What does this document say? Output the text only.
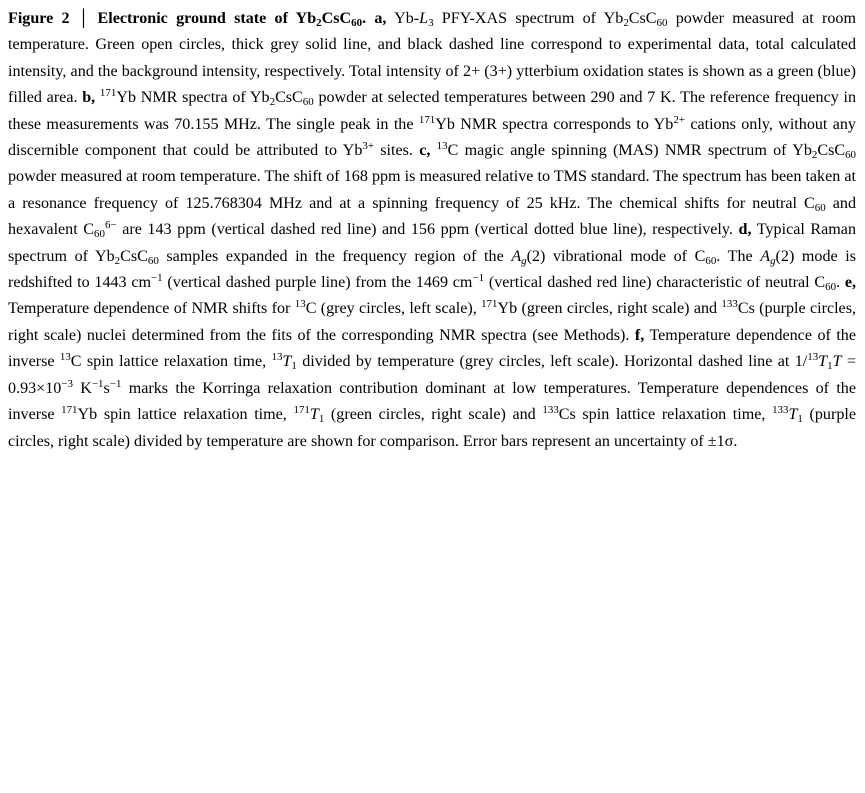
Figure 2 │ Electronic ground state of $Yb_2CsC_{60}$. a, $Yb-L_3$ PFY-XAS spectrum of $Yb_2CsC_{60}$ powder measured at room temperature. Green open circles, thick grey solid line, and black dashed line correspond to experimental data, total calculated intensity, and the background intensity, respectively. Total intensity of 2+ (3+) ytterbium oxidation states is shown as a green (blue) filled area. b, $^{171}$Yb NMR spectra of $Yb_2CsC_{60}$ powder at selected temperatures between 290 and 7 K. The reference frequency in these measurements was 70.155 MHz. The single peak in the $^{171}$Yb NMR spectra corresponds to $Yb^{2+}$ cations only, without any discernible component that could be attributed to $Yb^{3+}$ sites. c, $^{13}$C magic angle spinning (MAS) NMR spectrum of $Yb_2CsC_{60}$ powder measured at room temperature. The shift of 168 ppm is measured relative to TMS standard. The spectrum has been taken at a resonance frequency of 125.768304 MHz and at a spinning frequency of 25 kHz. The chemical shifts for neutral $C_{60}$ and hexavalent $C_{60}^{6-}$ are 143 ppm (vertical dashed red line) and 156 ppm (vertical dotted blue line), respectively. d, Typical Raman spectrum of $Yb_2CsC_{60}$ samples expanded in the frequency region of the $A_g(2)$ vibrational mode of $C_{60}$. The $A_g(2)$ mode is redshifted to 1443 $cm^{-1}$ (vertical dashed purple line) from the 1469 $cm^{-1}$ (vertical dashed red line) characteristic of neutral $C_{60}$. e, Temperature dependence of NMR shifts for $^{13}$C (grey circles, left scale), $^{171}$Yb (green circles, right scale) and $^{133}$Cs (purple circles, right scale) nuclei determined from the fits of the corresponding NMR spectra (see Methods). f, Temperature dependence of the inverse $^{13}$C spin lattice relaxation time, $^{13}T_1$ divided by temperature (grey circles, left scale). Horizontal dashed line at $1/^{13}T_1T = 0.93\times 10^{-3}$ $K^{-1}s^{-1}$ marks the Korringa relaxation contribution dominant at low temperatures. Temperature dependences of the inverse $^{171}$Yb spin lattice relaxation time, $^{171}T_1$ (green circles, right scale) and $^{133}$Cs spin lattice relaxation time, $^{133}T_1$ (purple circles, right scale) divided by temperature are shown for comparison. Error bars represent an uncertainty of ±1σ.
